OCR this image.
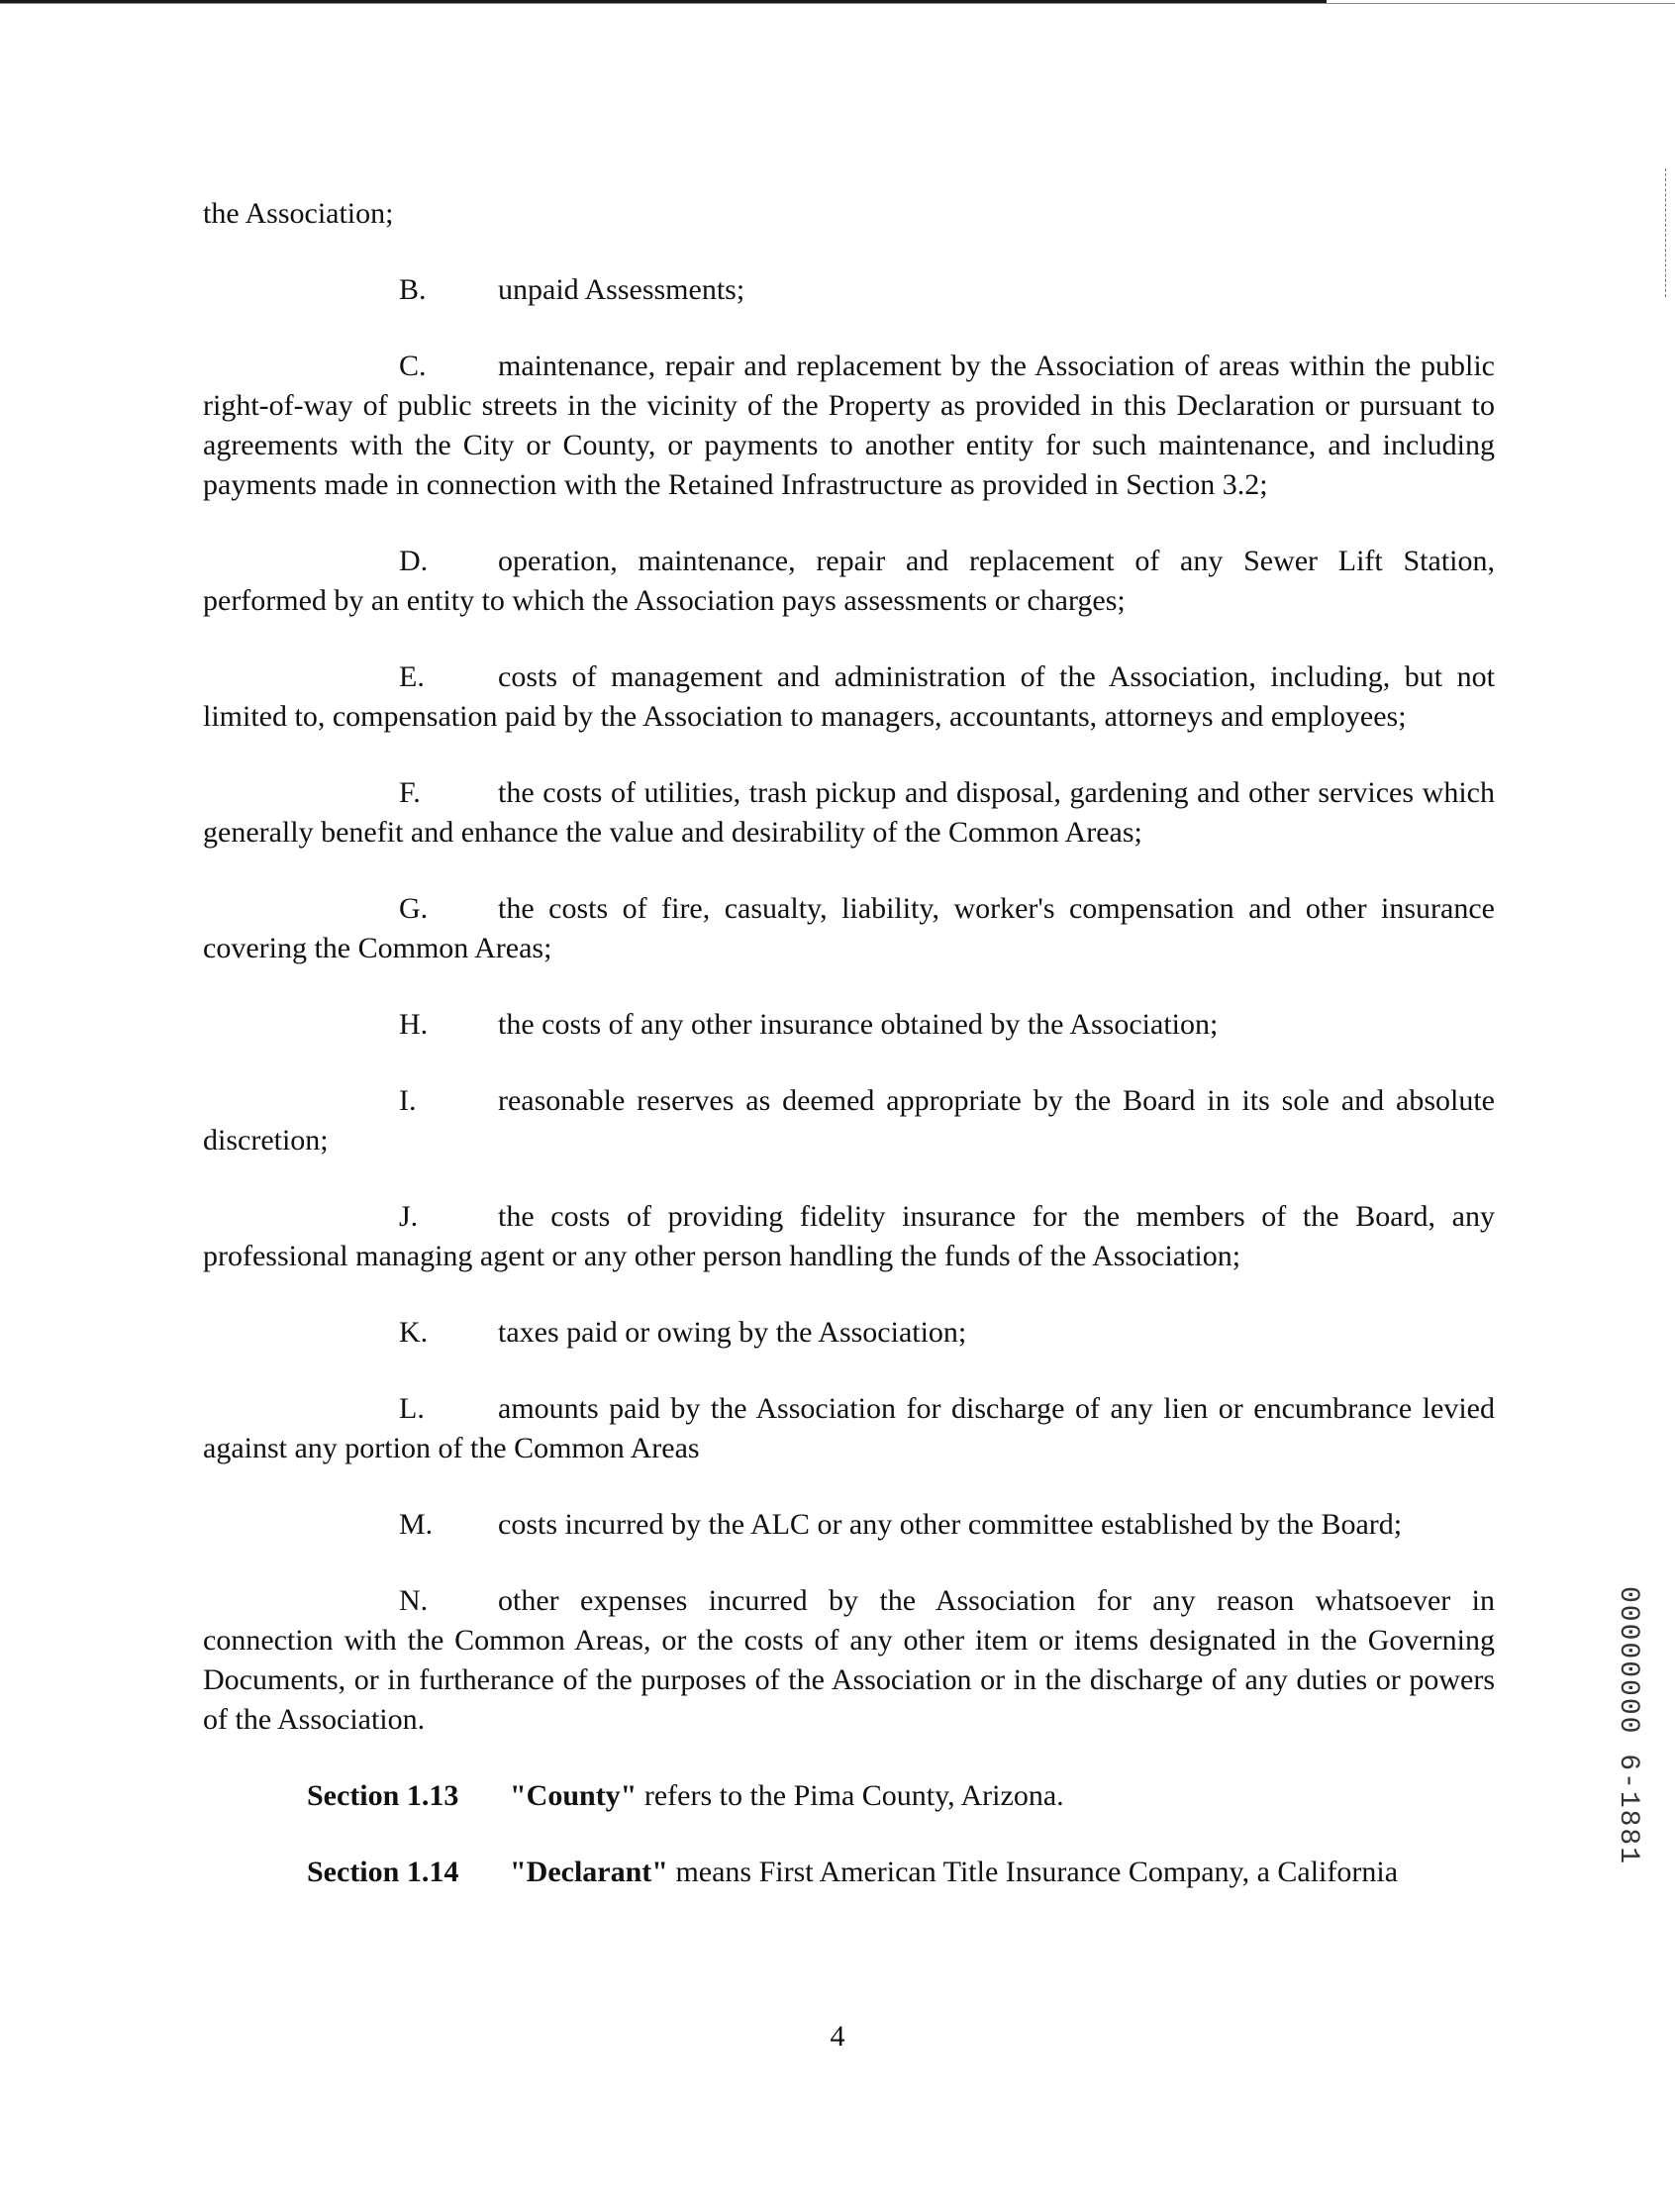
the Association;

B. unpaid Assessments;

C. maintenance, repair and replacement by the Association of areas within the public right-of-way of public streets in the vicinity of the Property as provided in this Declaration or pursuant to agreements with the City or County, or payments to another entity for such maintenance, and including payments made in connection with the Retained Infrastructure as provided in Section 3.2;

D. operation, maintenance, repair and replacement of any Sewer Lift Station, performed by an entity to which the Association pays assessments or charges;

E. costs of management and administration of the Association, including, but not limited to, compensation paid by the Association to managers, accountants, attorneys and employees;

F.	the costs of utilities, trash pickup and disposal, gardening and other services which generally benefit and enhance the value and desirability of the Common Areas;

G. the costs of fire, casualty, liability, worker's compensation and other insurance covering the Common Areas;

H. the costs of any other insurance obtained by the Association;

I.	reasonable reserves as deemed appropriate by the Board in its sole and absolute discretion;

J.	the costs of providing fidelity insurance for the members of the Board, any professional managing agent or any other person handling the funds of the Association;

K. taxes paid or owing by the Association;

L. amounts paid by the Association for discharge of any lien or encumbrance levied against any portion of the Common Areas

M. costs incurred by the ALC or any other committee established by the Board;

N. other expenses incurred by the Association for any reason whatsoever in connection with the Common Areas, or the costs of any other item or items designated in the Governing Documents, or in furtherance of the purposes of the Association or in the discharge of any duties or powers of the Association.

Section 1.13 "County" refers to the Pima County, Arizona.

Section 1.14 "Declarant" means First American Title Insurance Company, a California

4
00000000 6-1881
